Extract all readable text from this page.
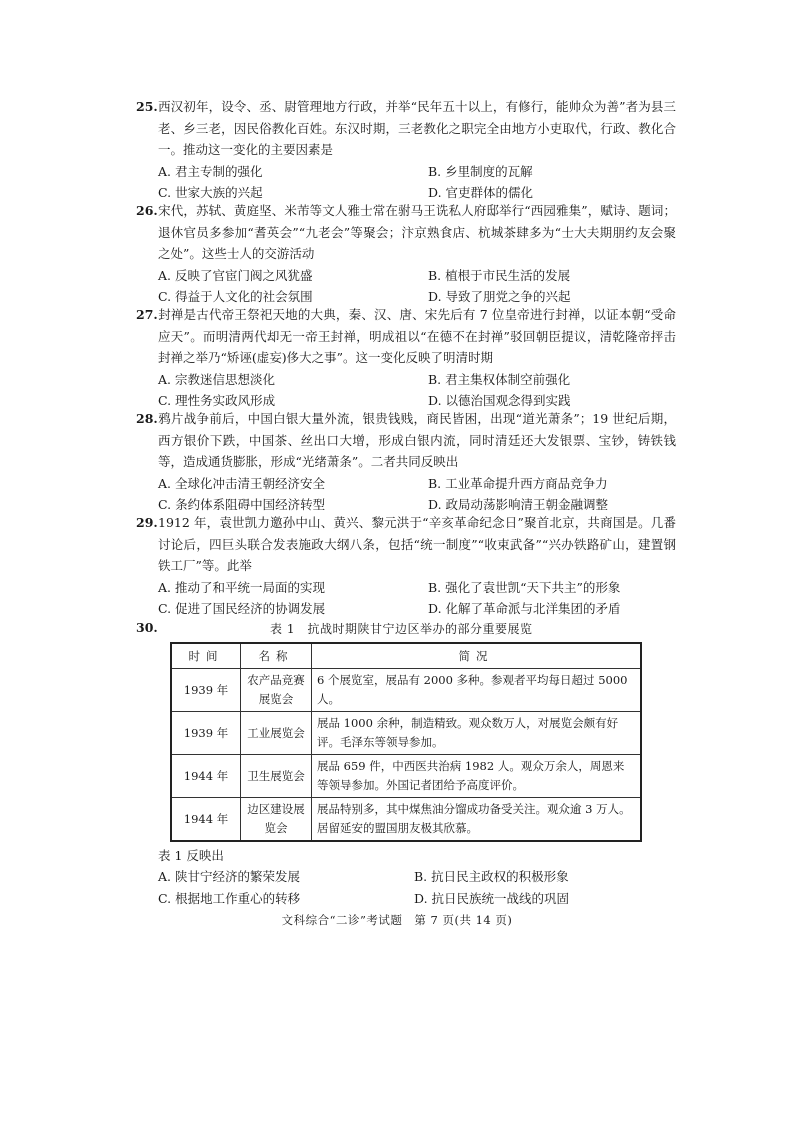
25.西汉初年，设令、丞、尉管理地方行政，并举“民年五十以上，有修行，能帅众为善”者为县三老、乡三老，因民俗教化百姓。东汉时期，三老教化之职完全由地方小吏取代，行政、教化合一。推动这一变化的主要因素是

A. 君主专制的强化	B. 乡里制度的瓦解
C. 世家大族的兴起	D. 官吏群体的儒化

26.宋代，苏轼、黄庭坚、米芾等文人雅士常在驸马王诜私人府邸举行“西园雅集”，赋诗、题词；退休官员多参加“耆英会”“九老会”等聚会；汴京熟食店、杭城茶肆多为“士大夫期朋约友会聚之处”。这些士人的交游活动

A. 反映了官宦门阀之风犹盛	B. 植根于市民生活的发展
C. 得益于人文化的社会氛围	D. 导致了朋党之争的兴起

27.封禅是古代帝王祭祀天地的大典，秦、汉、唐、宋先后有 7 位皇帝进行封禅，以证本朝“受命应天”。而明清两代却无一帝王封禅，明成祖以“在德不在封禅”驳回朝臣提议，清乾隆帝抨击封禅之举乃“矫诬(虚妄)侈大之事”。这一变化反映了明清时期

A. 宗教迷信思想淡化	B. 君主集权体制空前强化
C. 理性务实政风形成	D. 以德治国观念得到实践

28.鸦片战争前后，中国白银大量外流，银贵钱贱，商民皆困，出现“道光萧条”；19 世纪后期，西方银价下跌，中国茶、丝出口大增，形成白银内流，同时清廷还大发银票、宝钞，铸铁钱等，造成通货膨胀，形成“光绪萧条”。二者共同反映出

A. 全球化冲击清王朝经济安全	B. 工业革命提升西方商品竞争力
C. 条约体系阻碍中国经济转型	D. 政局动荡影响清王朝金融调整

29.1912 年，袁世凯力邀孙中山、黄兴、黎元洪于“辛亥革命纪念日”聚首北京，共商国是。几番讨论后，四巨头联合发表施政大纲八条，包括“统一制度”“收束武备”“兴办铁路矿山，建置钢铁工厂”等。此举

A. 推动了和平统一局面的实现	B. 强化了袁世凯“天下共主”的形象
C. 促进了国民经济的协调发展	D. 化解了革命派与北洋集团的矛盾
30.	表 1　抗战时期陕甘宁边区举办的部分重要展览
时间	名称	简况
1939 年	农产品竞赛展览会	6 个展览室，展品有 2000 多种。参观者平均每日超过 5000 人。
1939 年	工业展览会	展品 1000 余种，制造精致。观众数万人，对展览会颇有好评。毛泽东等领导参加。
1944 年	卫生展览会	展品 659 件，中西医共治病 1982 人。观众万余人，周恩来等领导参加。外国记者团给予高度评价。
1944 年	边区建设展览会	展品特别多，其中煤焦油分馏成功备受关注。观众逾 3 万人。居留延安的盟国朋友极其欣慕。
表 1 反映出
A. 陕甘宁经济的繁荣发展	B. 抗日民主政权的积极形象
C. 根据地工作重心的转移	D. 抗日民族统一战线的巩固
文科综合“二诊”考试题　第 7 页(共 14 页)
